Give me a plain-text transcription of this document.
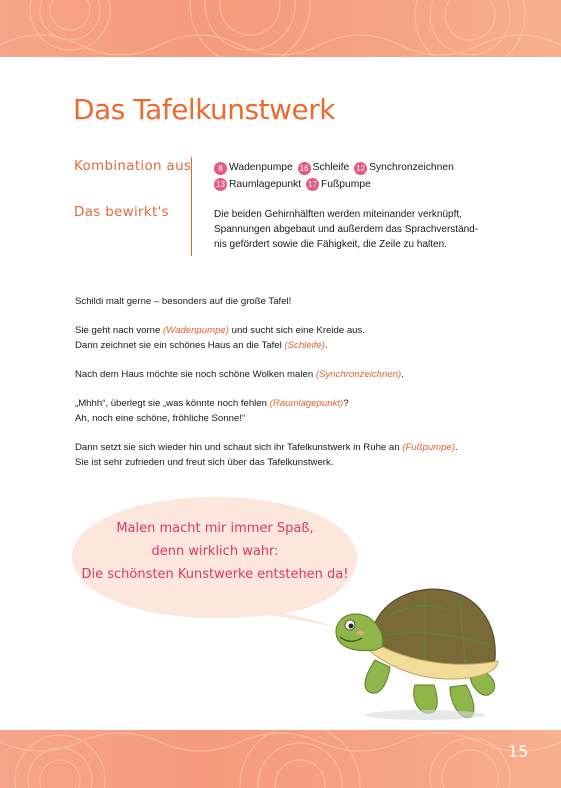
Das Tafelkunstwerk
Kombination aus
Das bewirkt's
8 Wadenpumpe
16 Schleife
12 Synchronzeichnen
13 Raumlagepunkt
17 Fußpumpe
Die beiden Gehirnhälften werden miteinander verknüpft,
Spannungen abgebaut und außerdem das Sprachverständ-
nis gefördert sowie die Fähigkeit, die Zeile zu halten.

Schildi malt gerne – besonders auf die große Tafel!

Sie geht nach vorne (Wadenpumpe) und sucht sich eine Kreide aus.
Dann zeichnet sie ein schönes Haus an die Tafel (Schleife).

Nach dem Haus möchte sie noch schöne Wolken malen (Synchronzeichnen).

„Mhhh“, überlegt sie „was könnte noch fehlen (Raumlagepunkt)?
Ah, noch eine schöne, fröhliche Sonne!“

Dann setzt sie sich wieder hin und schaut sich ihr Tafelkunstwerk in Ruhe an (Fußpumpe).
Sie ist sehr zufrieden und freut sich über das Tafelkunstwerk.

Malen macht mir immer Spaß,
denn wirklich wahr:
Die schönsten Kunstwerke entstehen da!
15
